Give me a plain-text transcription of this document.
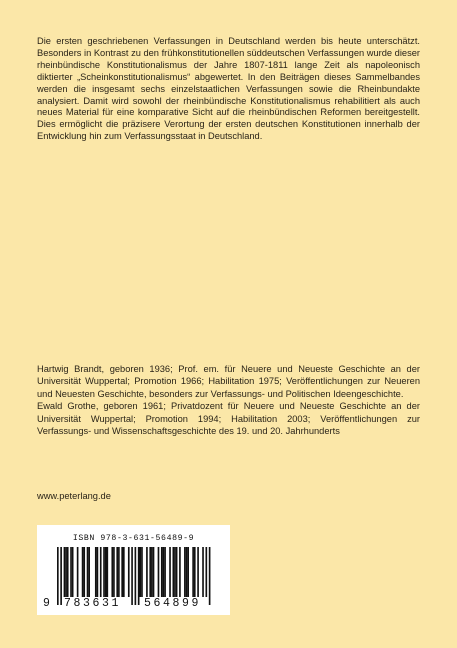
Die ersten geschriebenen Verfassungen in Deutschland werden bis heute unterschätzt. Besonders in Kontrast zu den frühkonstitutionellen süddeutschen Verfassungen wurde dieser rheinbündische Konstitutionalismus der Jahre 1807-1811 lange Zeit als napoleonisch diktierter „Scheinkonstitutionalismus“ abgewertet. In den Beiträgen dieses Sammelbandes werden die insgesamt sechs einzelstaatlichen Verfassungen sowie die Rheinbundakte analysiert. Damit wird sowohl der rheinbündische Konstitutionalismus rehabilitiert als auch neues Material für eine komparative Sicht auf die rheinbündischen Reformen bereitgestellt. Dies ermöglicht die präzisere Verortung der ersten deutschen Konstitutionen innerhalb der Entwicklung hin zum Verfassungsstaat in Deutschland.

Hartwig Brandt, geboren 1936; Prof. em. für Neuere und Neueste Geschichte an der Universität Wuppertal; Promotion 1966; Habilitation 1975; Veröffentlichungen zur Neueren und Neuesten Geschichte, besonders zur Verfassungs- und Politischen Ideengeschichte.

Ewald Grothe, geboren 1961; Privatdozent für Neuere und Neueste Geschichte an der Universität Wuppertal; Promotion 1994; Habilitation 2003; Veröffentlichungen zur Verfassungs- und Wissenschaftsgeschichte des 19. und 20. Jahrhunderts

www.peterlang.de

ISBN 978-3-631-56489-9
9 783631 564899
